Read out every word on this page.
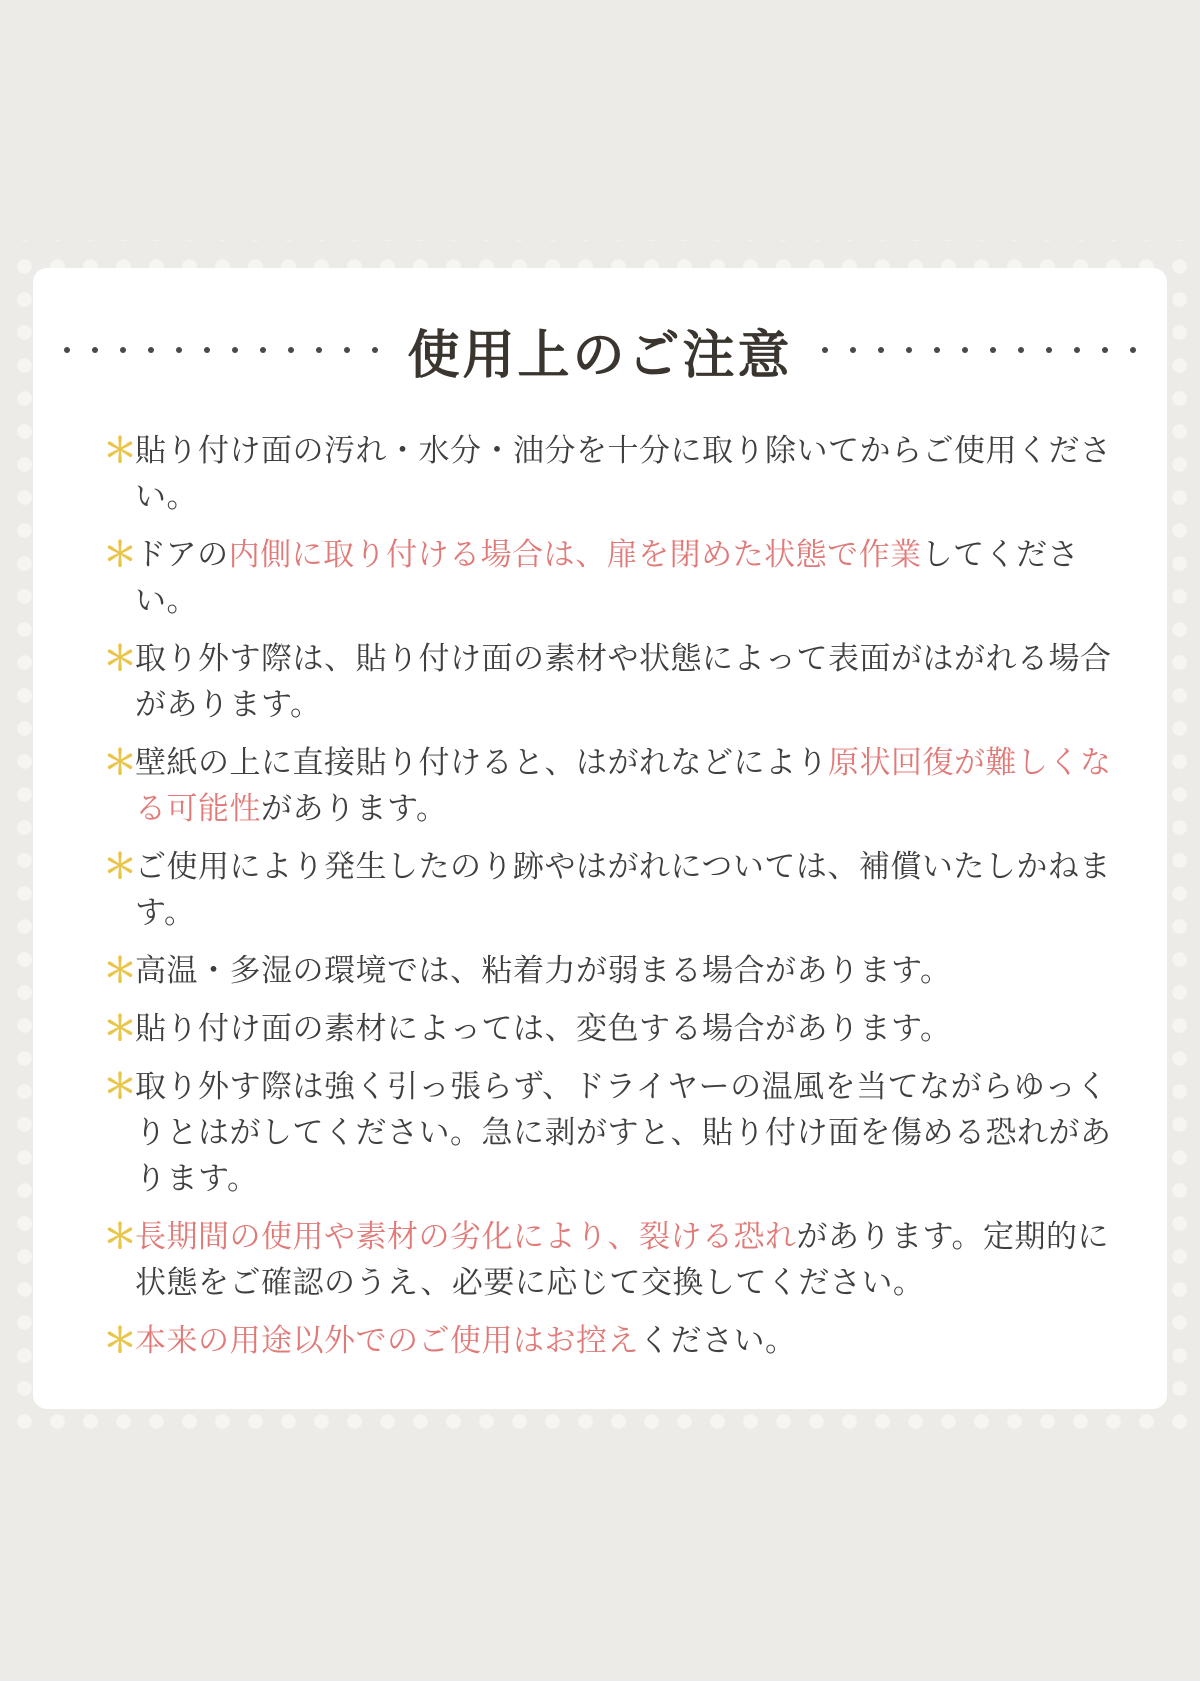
使用上のご注意
＊
貼り付け面の汚れ・水分・油分を十分に取り除いてからご使用ください。
＊
ドアの内側に取り付ける場合は、扉を閉めた状態で作業してください。
＊
取り外す際は、貼り付け面の素材や状態によって表面がはがれる場合があります。
＊
壁紙の上に直接貼り付けると、はがれなどにより原状回復が難しくなる可能性があります。
＊
ご使用により発生したのり跡やはがれについては、補償いたしかねます。
＊
高温・多湿の環境では、粘着力が弱まる場合があります。
＊
貼り付け面の素材によっては、変色する場合があります。
＊
取り外す際は強く引っ張らず、ドライヤーの温風を当てながらゆっくりとはがしてください。急に剥がすと、貼り付け面を傷める恐れがあります。
＊
長期間の使用や素材の劣化により、裂ける恐れがあります。定期的に状態をご確認のうえ、必要に応じて交換してください。
＊
本来の用途以外でのご使用はお控えください。
